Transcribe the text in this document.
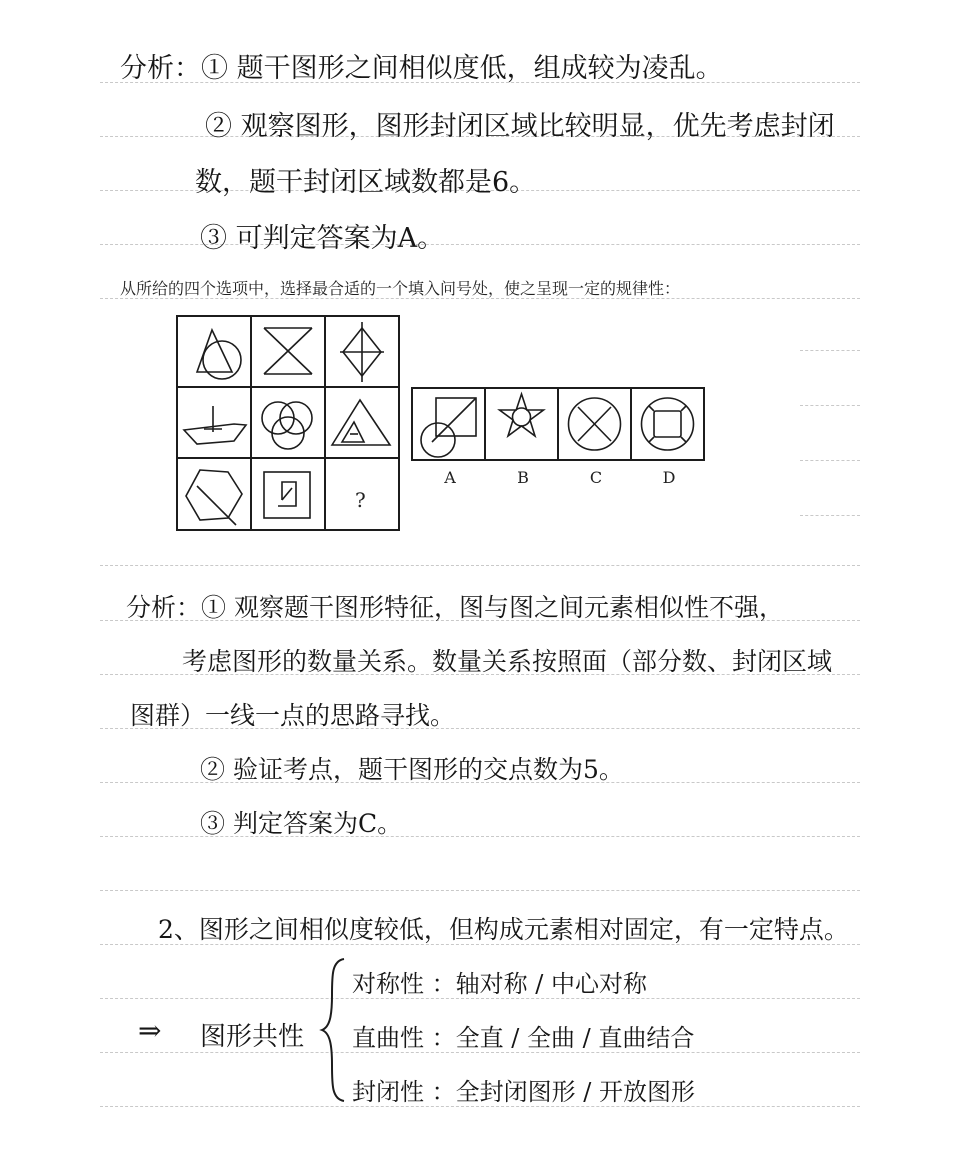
分析：① 题干图形之间相似度低，组成较为凌乱。
② 观察图形，图形封闭区域比较明显，优先考虑封闭
数，题干封闭区域数都是6。
③ 可判定答案为A。
从所给的四个选项中，选择最合适的一个填入问号处，使之呈现一定的规律性：
?
A	B	C	D
分析：① 观察题干图形特征，图与图之间元素相似性不强，
考虑图形的数量关系。数量关系按照面（部分数、封闭区域
图群）一线一点的思路寻找。
② 验证考点，题干图形的交点数为5。
③ 判定答案为C。
2、图形之间相似度较低，但构成元素相对固定，有一定特点。
⇒ 图形共性
对称性 ：轴对称 / 中心对称
直曲性 ：全直 / 全曲 / 直曲结合
封闭性 ：全封闭图形 / 开放图形
